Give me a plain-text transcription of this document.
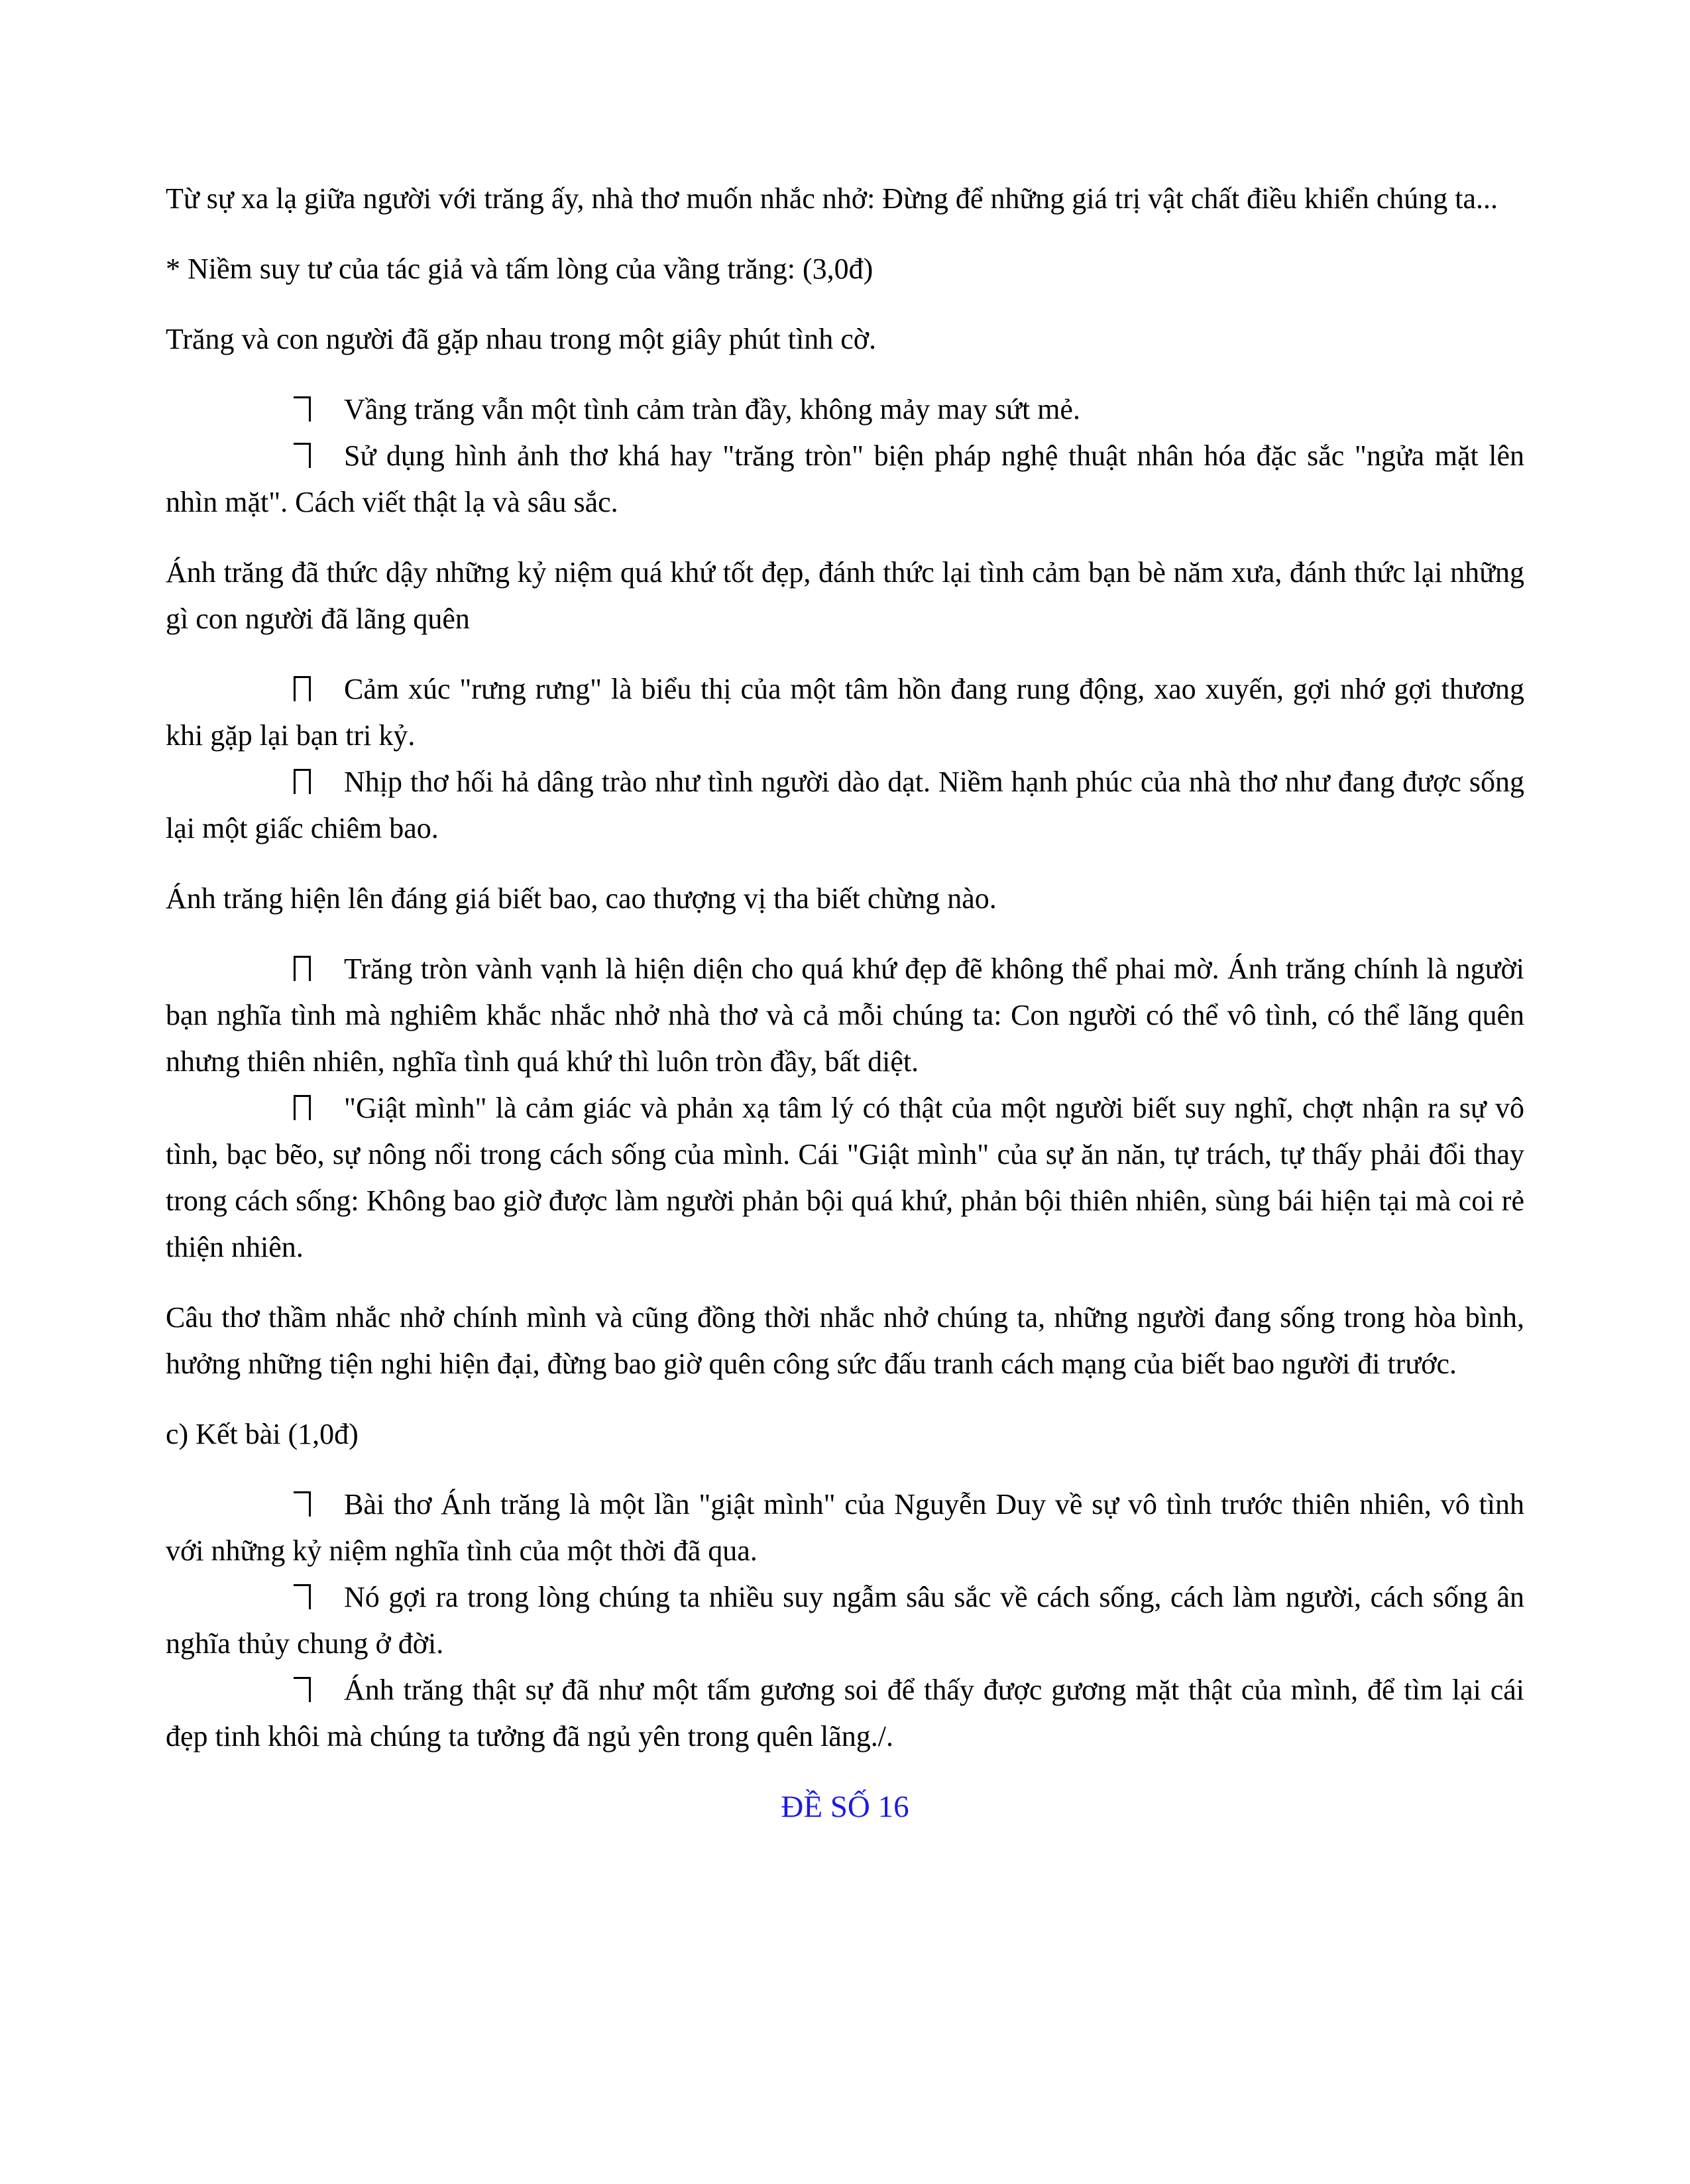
Từ sự xa lạ giữa người với trăng ấy, nhà thơ muốn nhắc nhở: Đừng để những giá trị vật chất điều khiển chúng ta...

* Niềm suy tư của tác giả và tấm lòng của vầng trăng: (3,0đ)

Trăng và con người đã gặp nhau trong một giây phút tình cờ.

Vầng trăng vẫn một tình cảm tràn đầy, không mảy may sứt mẻ.
Sử dụng hình ảnh thơ khá hay "trăng tròn" biện pháp nghệ thuật nhân hóa đặc sắc "ngửa mặt lên nhìn mặt". Cách viết thật lạ và sâu sắc.

Ánh trăng đã thức dậy những kỷ niệm quá khứ tốt đẹp, đánh thức lại tình cảm bạn bè năm xưa, đánh thức lại những gì con người đã lãng quên

Cảm xúc "rưng rưng" là biểu thị của một tâm hồn đang rung động, xao xuyến, gợi nhớ gợi thương khi gặp lại bạn tri kỷ.
Nhịp thơ hối hả dâng trào như tình người dào dạt. Niềm hạnh phúc của nhà thơ như đang được sống lại một giấc chiêm bao.

Ánh trăng hiện lên đáng giá biết bao, cao thượng vị tha biết chừng nào.

Trăng tròn vành vạnh là hiện diện cho quá khứ đẹp đẽ không thể phai mờ. Ánh trăng chính là người bạn nghĩa tình mà nghiêm khắc nhắc nhở nhà thơ và cả mỗi chúng ta: Con người có thể vô tình, có thể lãng quên nhưng thiên nhiên, nghĩa tình quá khứ thì luôn tròn đầy, bất diệt.
"Giật mình" là cảm giác và phản xạ tâm lý có thật của một người biết suy nghĩ, chợt nhận ra sự vô tình, bạc bẽo, sự nông nổi trong cách sống của mình. Cái "Giật mình" của sự ăn năn, tự trách, tự thấy phải đổi thay trong cách sống: Không bao giờ được làm người phản bội quá khứ, phản bội thiên nhiên, sùng bái hiện tại mà coi rẻ thiện nhiên.

Câu thơ thầm nhắc nhở chính mình và cũng đồng thời nhắc nhở chúng ta, những người đang sống trong hòa bình, hưởng những tiện nghi hiện đại, đừng bao giờ quên công sức đấu tranh cách mạng của biết bao người đi trước.

c) Kết bài (1,0đ)

Bài thơ Ánh trăng là một lần "giật mình" của Nguyễn Duy về sự vô tình trước thiên nhiên, vô tình với những kỷ niệm nghĩa tình của một thời đã qua.
Nó gợi ra trong lòng chúng ta nhiều suy ngẫm sâu sắc về cách sống, cách làm người, cách sống ân nghĩa thủy chung ở đời.
Ánh trăng thật sự đã như một tấm gương soi để thấy được gương mặt thật của mình, để tìm lại cái đẹp tinh khôi mà chúng ta tưởng đã ngủ yên trong quên lãng./.

ĐỀ SỐ 16
